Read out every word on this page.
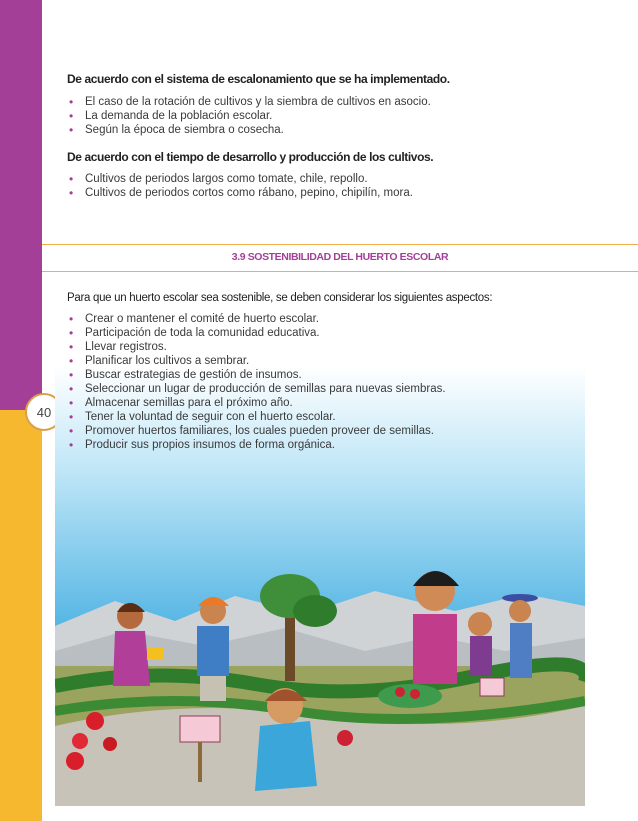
40
De acuerdo con el sistema de escalonamiento que se ha implementado.
• El caso de la rotación de cultivos y la siembra de cultivos en asocio.
• La demanda de la población escolar.
• Según la época de siembra o cosecha.
De acuerdo con el tiempo de desarrollo y producción de los cultivos.
• Cultivos de periodos largos como tomate, chile, repollo.
• Cultivos de periodos cortos como rábano, pepino, chipilín, mora.
3.9 SOSTENIBILIDAD DEL HUERTO ESCOLAR
Para que un huerto escolar sea sostenible, se deben considerar los siguientes aspectos:
• Crear o mantener el comité de huerto escolar.
• Participación de toda la comunidad educativa.
• Llevar registros.
• Planificar los cultivos a sembrar.
• Buscar estrategias de gestión de insumos.
• Seleccionar un lugar de producción de semillas para nuevas siembras.
• Almacenar semillas para el próximo año.
• Tener la voluntad de seguir con el huerto escolar.
• Promover huertos familiares, los cuales pueden proveer de semillas.
• Producir sus propios insumos de forma orgánica.
